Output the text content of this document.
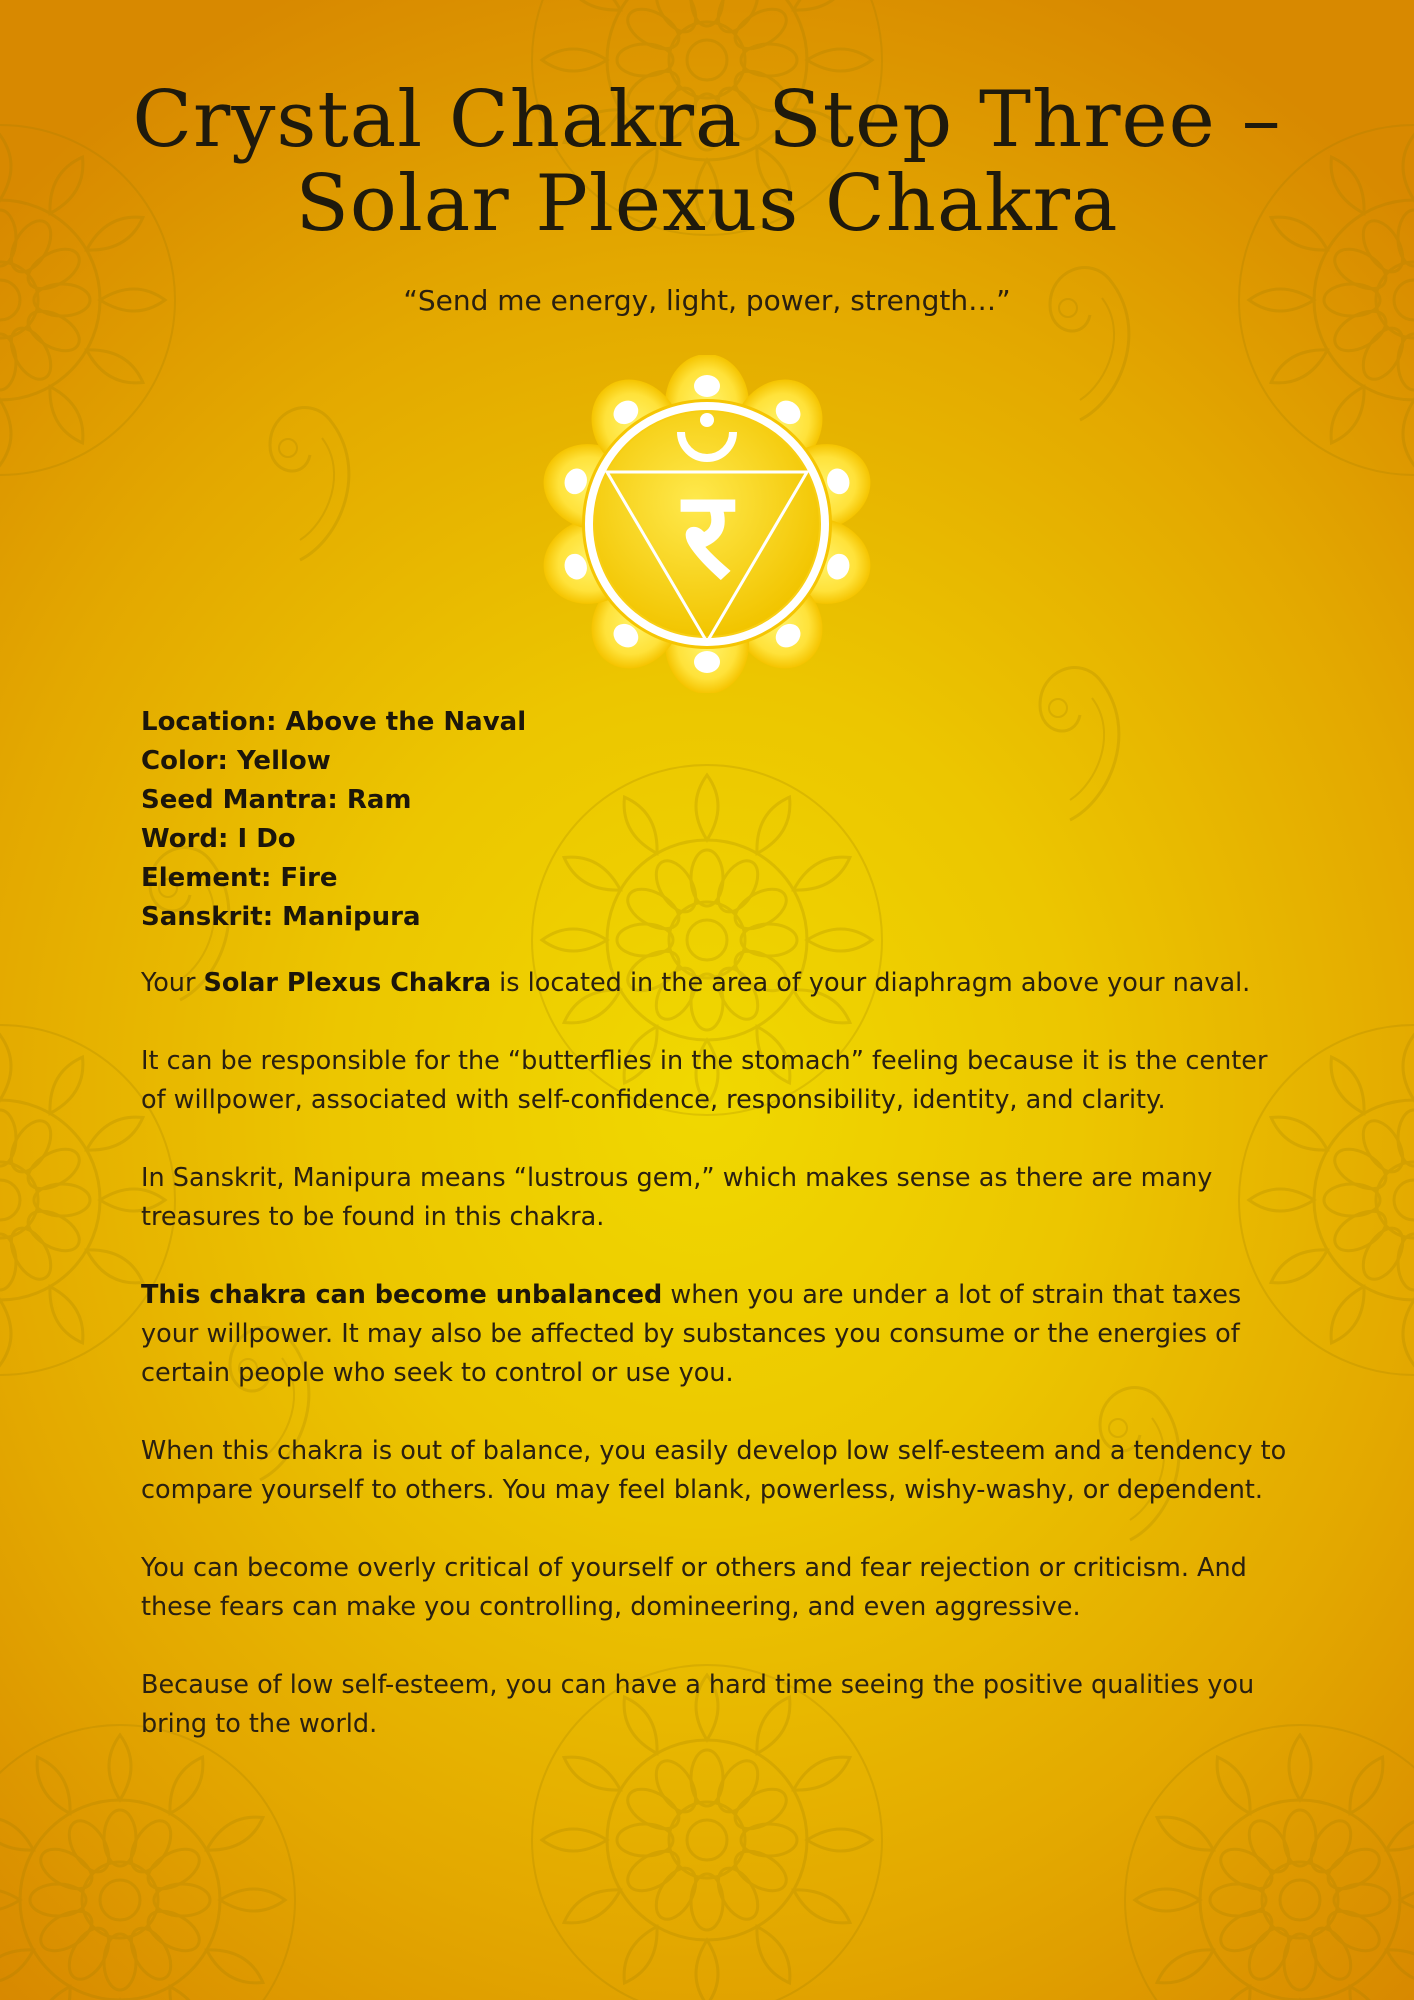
Crystal Chakra Step Three –
Solar Plexus Chakra

“Send me energy, light, power, strength…”

र
Location: Above the Naval
Color: Yellow
Seed Mantra: Ram
Word: I Do
Element: Fire
Sanskrit: Manipura

Your Solar Plexus Chakra is located in the area of your diaphragm above your naval.

It can be responsible for the “butterflies in the stomach” feeling because it is the center of willpower, associated with self-confidence, responsibility, identity, and clarity.

In Sanskrit, Manipura means “lustrous gem,” which makes sense as there are many treasures to be found in this chakra.

This chakra can become unbalanced when you are under a lot of strain that taxes your willpower. It may also be affected by substances you consume or the energies of certain people who seek to control or use you.

When this chakra is out of balance, you easily develop low self-esteem and a tendency to compare yourself to others. You may feel blank, powerless, wishy-washy, or dependent.

You can become overly critical of yourself or others and fear rejection or criticism. And these fears can make you controlling, domineering, and even aggressive.

Because of low self-esteem, you can have a hard time seeing the positive qualities you bring to the world.
